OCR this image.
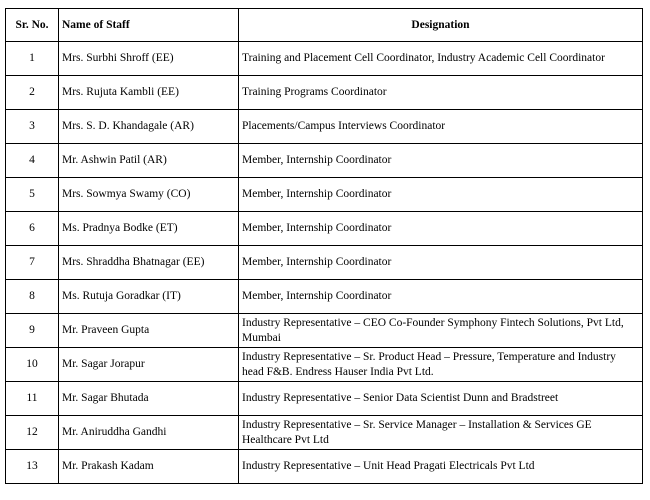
Sr. No.	Name of Staff	Designation
1	Mrs. Surbhi Shroff (EE)	Training and Placement Cell Coordinator, Industry Academic Cell Coordinator
2	Mrs. Rujuta Kambli (EE)	Training Programs Coordinator
3	Mrs. S. D. Khandagale (AR)	Placements/Campus Interviews Coordinator
4	Mr. Ashwin Patil (AR)	Member, Internship Coordinator
5	Mrs. Sowmya Swamy (CO)	Member, Internship Coordinator
6	Ms. Pradnya Bodke (ET)	Member, Internship Coordinator
7	Mrs. Shraddha Bhatnagar (EE)	Member, Internship Coordinator
8	Ms. Rutuja Goradkar (IT)	Member, Internship Coordinator
9	Mr. Praveen Gupta	Industry Representative – CEO Co-Founder Symphony Fintech Solutions, Pvt Ltd, Mumbai
10	Mr. Sagar Jorapur	Industry Representative – Sr. Product Head – Pressure, Temperature and Industry head F&B. Endress Hauser India Pvt Ltd.
11	Mr. Sagar Bhutada	Industry Representative – Senior Data Scientist Dunn and Bradstreet
12	Mr. Aniruddha Gandhi	Industry Representative – Sr. Service Manager – Installation & Services GE Healthcare Pvt Ltd
13	Mr. Prakash Kadam	Industry Representative – Unit Head Pragati Electricals Pvt Ltd
